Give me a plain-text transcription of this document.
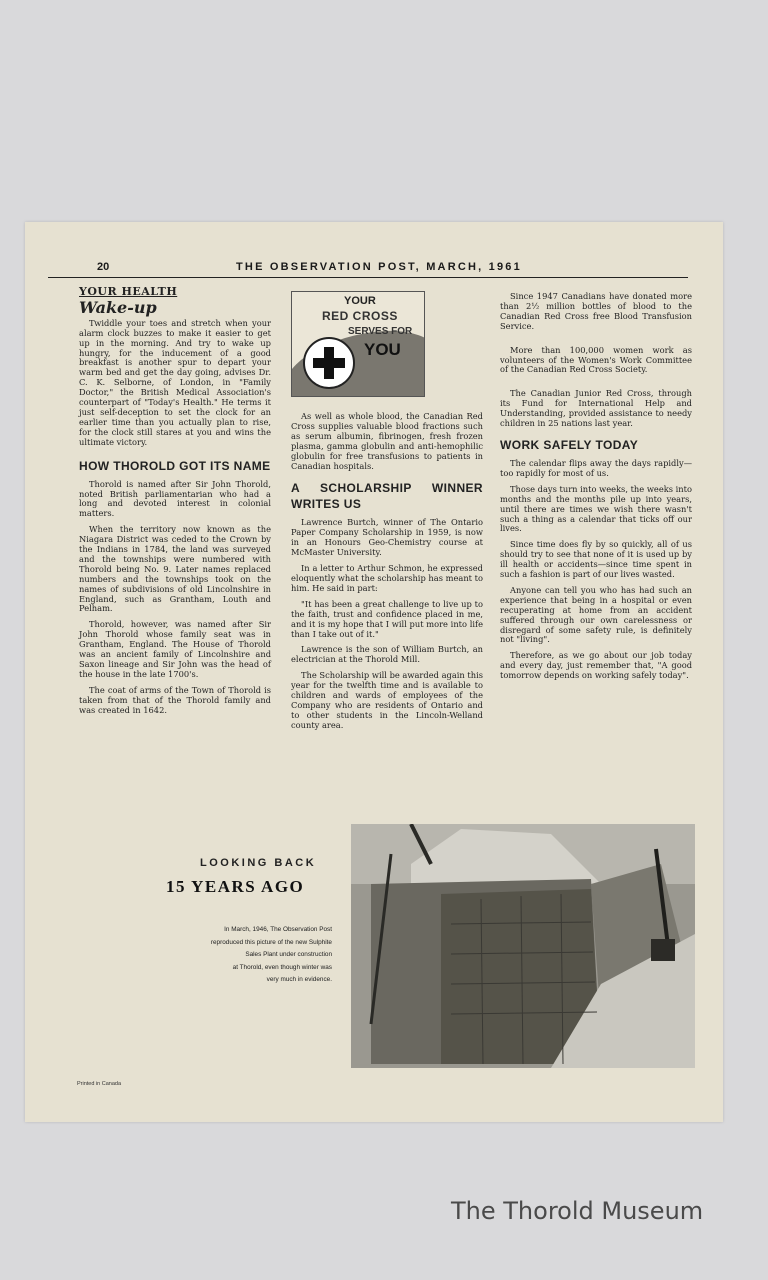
20	THE OBSERVATION POST, MARCH, 1961
YOUR HEALTH
Wake-up

Twiddle your toes and stretch when your alarm clock buzzes to make it easier to get up in the morning. And try to wake up hungry, for the inducement of a good breakfast is another spur to depart your warm bed and get the day going, advises Dr. C. K. Selborne, of London, in "Family Doctor," the British Medical Association's counterpart of "Today's Health." He terms it just self-deception to set the clock for an earlier time than you actually plan to rise, for the clock still stares at you and wins the ultimate victory.

HOW THOROLD GOT ITS NAME

Thorold is named after Sir John Thorold, noted British parliamentarian who had a long and devoted interest in colonial matters.

When the territory now known as the Niagara District was ceded to the Crown by the Indians in 1784, the land was surveyed and the townships were numbered with Thorold being No. 9. Later names replaced numbers and the townships took on the names of subdivisions of old Lincolnshire in England, such as Grantham, Louth and Pelham.

Thorold, however, was named after Sir John Thorold whose family seat was in Grantham, England. The House of Thorold was an ancient family of Lincolnshire and Saxon lineage and Sir John was the head of the house in the late 1700's.

The coat of arms of the Town of Thorold is taken from that of the Thorold family and was created in 1642.

YOUR
RED CROSS
SERVES FOR
YOU

As well as whole blood, the Canadian Red Cross supplies valuable blood fractions such as serum albumin, fibrinogen, fresh frozen plasma, gamma globulin and anti-hemophilic globulin for free transfusions to patients in Canadian hospitals.

A SCHOLARSHIP WINNER WRITES US

Lawrence Burtch, winner of The Ontario Paper Company Scholarship in 1959, is now in an Honours Geo-Chemistry course at McMaster University.

In a letter to Arthur Schmon, he expressed eloquently what the scholarship has meant to him. He said in part:

"It has been a great challenge to live up to the faith, trust and confidence placed in me, and it is my hope that I will put more into life than I take out of it."

Lawrence is the son of William Burtch, an electrician at the Thorold Mill.

The Scholarship will be awarded again this year for the twelfth time and is available to children and wards of employees of the Company who are residents of Ontario and to other students in the Lincoln-Welland county area.

Since 1947 Canadians have donated more than 2½ million bottles of blood to the Canadian Red Cross free Blood Transfusion Service.

More than 100,000 women work as volunteers of the Women's Work Committee of the Canadian Red Cross Society.

The Canadian Junior Red Cross, through its Fund for International Help and Understanding, provided assistance to needy children in 25 nations last year.

WORK SAFELY TODAY

The calendar flips away the days rapidly—too rapidly for most of us.

Those days turn into weeks, the weeks into months and the months pile up into years, until there are times we wish there wasn't such a thing as a calendar that ticks off our lives.

Since time does fly by so quickly, all of us should try to see that none of it is used up by ill health or accidents—since time spent in such a fashion is part of our lives wasted.

Anyone can tell you who has had such an experience that being in a hospital or even recuperating at home from an accident suffered through our own carelessness or disregard of some safety rule, is definitely not "living".

Therefore, as we go about our job today and every day, just remember that, "A good tomorrow depends on working safely today".

LOOKING BACK
15 YEARS AGO
In March, 1946, The Observation Post
reproduced this picture of the new Sulphite
Sales Plant under construction
at Thorold, even though winter was
very much in evidence.
Printed in Canada
The Thorold Museum
